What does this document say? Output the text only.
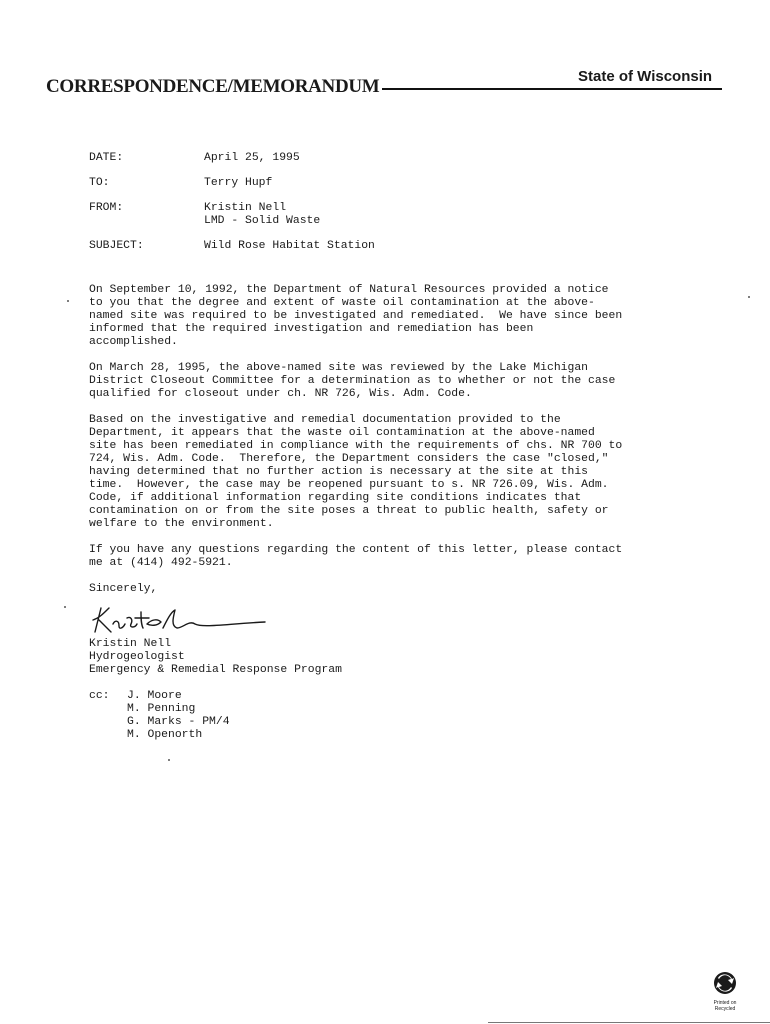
CORRESPONDENCE/MEMORANDUM	State of Wisconsin
DATE:	April 25, 1995
TO:	Terry Hupf
FROM:	Kristin Nell
LMD - Solid Waste
SUBJECT:	Wild Rose Habitat Station
On September 10, 1992, the Department of Natural Resources provided a notice
to you that the degree and extent of waste oil contamination at the above-
named site was required to be investigated and remediated.  We have since been
informed that the required investigation and remediation has been
accomplished.
On March 28, 1995, the above-named site was reviewed by the Lake Michigan
District Closeout Committee for a determination as to whether or not the case
qualified for closeout under ch. NR 726, Wis. Adm. Code.
Based on the investigative and remedial documentation provided to the
Department, it appears that the waste oil contamination at the above-named
site has been remediated in compliance with the requirements of chs. NR 700 to
724, Wis. Adm. Code.  Therefore, the Department considers the case "closed,"
having determined that no further action is necessary at the site at this
time.  However, the case may be reopened pursuant to s. NR 726.09, Wis. Adm.
Code, if additional information regarding site conditions indicates that
contamination on or from the site poses a threat to public health, safety or
welfare to the environment.
If you have any questions regarding the content of this letter, please contact
me at (414) 492-5921.
Sincerely,
Kristin Nell
Hydrogeologist
Emergency & Remedial Response Program
cc:	J. Moore
M. Penning
G. Marks - PM/4
M. Openorth
Printed on
Recycled
